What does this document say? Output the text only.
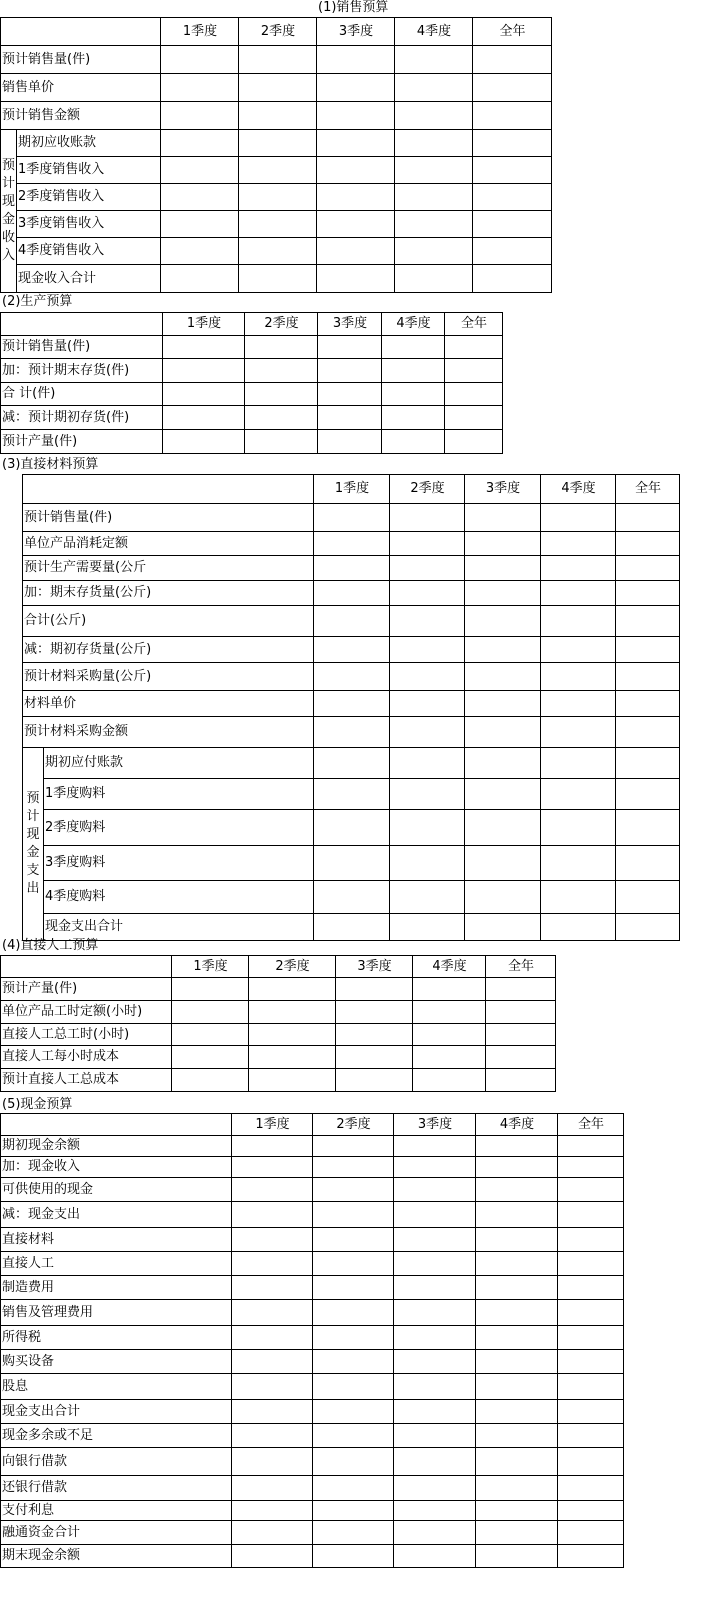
(1)销售预算
		1季度	2季度	3季度	4季度	全年
预计销售量(件)						
销售单价						
预计销售金额						

预计现金收入	期初应收账款					
	1季度销售收入					
	2季度销售收入					
	3季度销售收入					
	4季度销售收入					
	现金收入合计					
(2)生产预算
	1季度	2季度	3季度	4季度	全年
预计销售量(件)					
加：预计期末存货(件)					
合 计(件)					
减：预计期初存货(件)					
预计产量(件)					
(3)直接材料预算
		1季度	2季度	3季度	4季度	全年
预计销售量(件)						
单位产品消耗定额						
预计生产需要量(公斤						
加：期末存货量(公斤)						
合计(公斤)						
减：期初存货量(公斤)						
预计材料采购量(公斤)						
材料单价						
预计材料采购金额						

预计现金支出	期初应付账款					
	1季度购料					
	2季度购料					
	3季度购料					
	4季度购料					
	现金支出合计					
(4)直接人工预算
	1季度	2季度	3季度	4季度	全年
预计产量(件)					
单位产品工时定额(小时)					
直接人工总工时(小时)					
直接人工每小时成本					
预计直接人工总成本					
(5)现金预算
	1季度	2季度	3季度	4季度	全年
期初现金余额					
加：现金收入					
可供使用的现金					
减：现金支出					
直接材料					
直接人工					
制造费用					
销售及管理费用					
所得税					
购买设备					
股息					
现金支出合计					
现金多余或不足					
向银行借款					
还银行借款					
支付利息					
融通资金合计					
期末现金余额					
